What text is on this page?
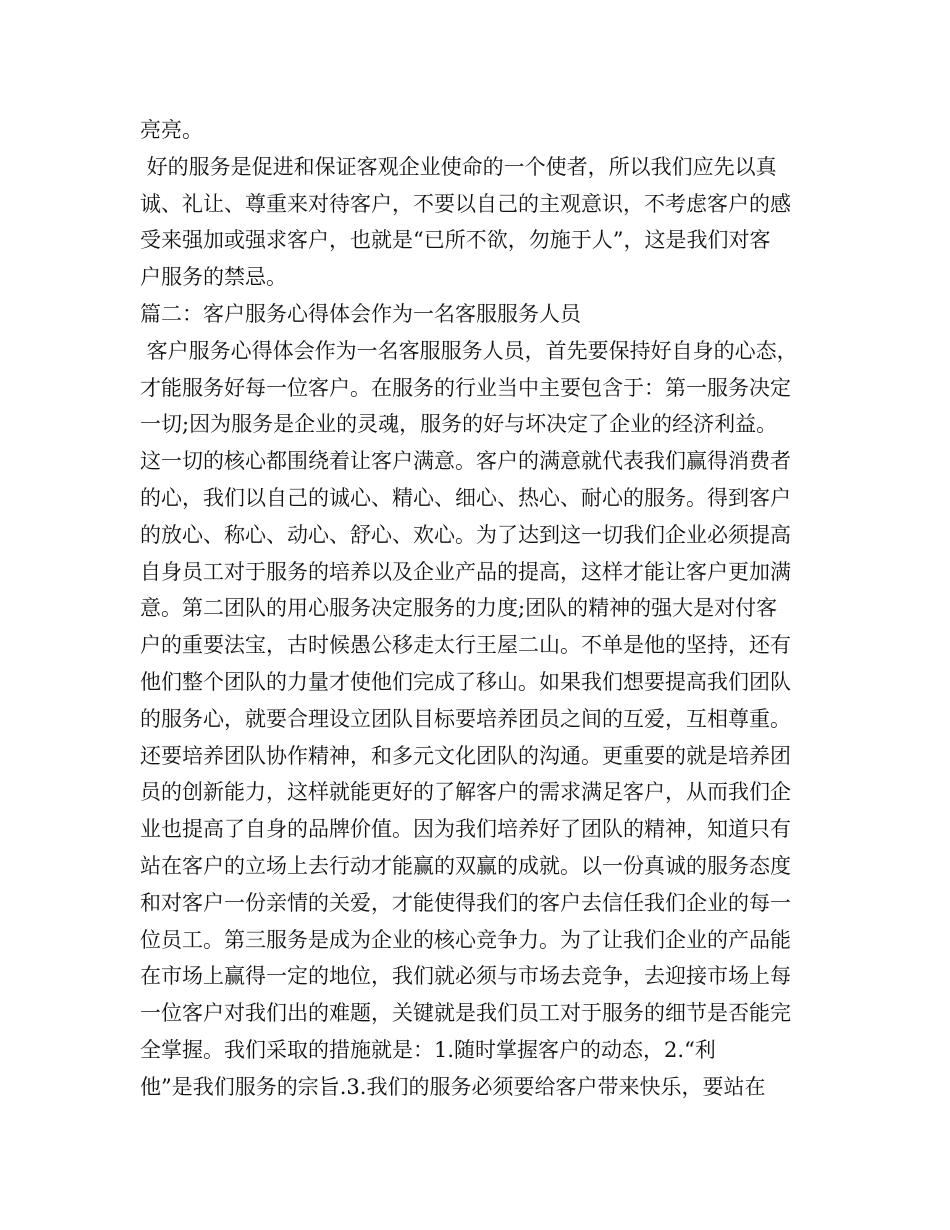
亮亮。
好的服务是促进和保证客观企业使命的一个使者，所以我们应先以真
诚、礼让、尊重来对待客户，不要以自己的主观意识，不考虑客户的感
受来强加或强求客户，也就是“已所不欲，勿施于人”，这是我们对客
户服务的禁忌。
篇二：客户服务心得体会作为一名客服服务人员
客户服务心得体会作为一名客服服务人员，首先要保持好自身的心态，
才能服务好每一位客户。在服务的行业当中主要包含于：第一服务决定
一切;因为服务是企业的灵魂，服务的好与坏决定了企业的经济利益。
这一切的核心都围绕着让客户满意。客户的满意就代表我们赢得消费者
的心，我们以自己的诚心、精心、细心、热心、耐心的服务。得到客户
的放心、称心、动心、舒心、欢心。为了达到这一切我们企业必须提高
自身员工对于服务的培养以及企业产品的提高，这样才能让客户更加满
意。第二团队的用心服务决定服务的力度;团队的精神的强大是对付客
户的重要法宝，古时候愚公移走太行王屋二山。不单是他的坚持，还有
他们整个团队的力量才使他们完成了移山。如果我们想要提高我们团队
的服务心，就要合理设立团队目标要培养团员之间的互爱，互相尊重。
还要培养团队协作精神，和多元文化团队的沟通。更重要的就是培养团
员的创新能力，这样就能更好的了解客户的需求满足客户，从而我们企
业也提高了自身的品牌价值。因为我们培养好了团队的精神，知道只有
站在客户的立场上去行动才能赢的双赢的成就。以一份真诚的服务态度
和对客户一份亲情的关爱，才能使得我们的客户去信任我们企业的每一
位员工。第三服务是成为企业的核心竞争力。为了让我们企业的产品能
在市场上赢得一定的地位，我们就必须与市场去竞争，去迎接市场上每
一位客户对我们出的难题，关键就是我们员工对于服务的细节是否能完
全掌握。我们采取的措施就是：1.随时掌握客户的动态，2.“利
他”是我们服务的宗旨.3.我们的服务必须要给客户带来快乐，要站在
